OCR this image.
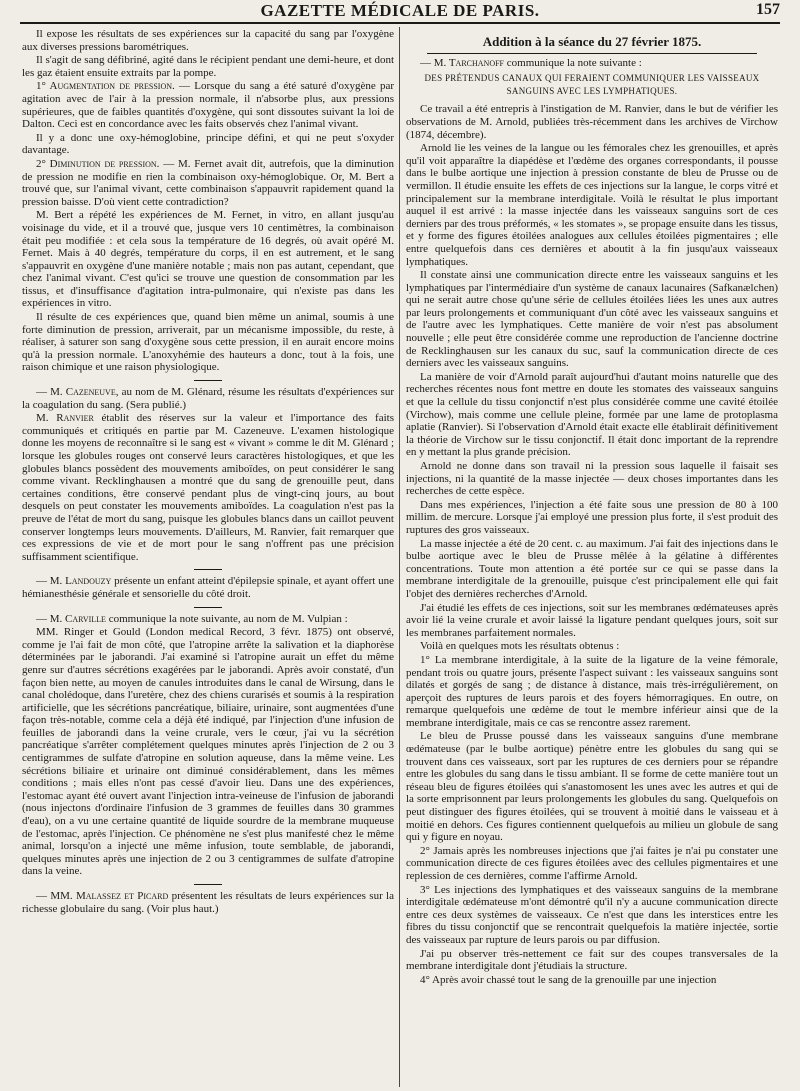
GAZETTE MÉDICALE DE PARIS.	157

Il expose les résultats de ses expériences sur la capacité du sang par l'oxygène aux diverses pressions barométriques.

Il s'agit de sang défibriné, agité dans le récipient pendant une demi-heure, et dont les gaz étaient ensuite extraits par la pompe.

1° Augmentation de pression. — Lorsque du sang a été saturé d'oxygène par agitation avec de l'air à la pression normale, il n'absorbe plus, aux pressions supérieures, que de faibles quantités d'oxygène, qui sont dissoutes suivant la loi de Dalton. Ceci est en concordance avec les faits observés chez l'animal vivant.

Il y a donc une oxy-hémoglobine, principe défini, et qui ne peut s'oxyder davantage.

2° Diminution de pression. — M. Fernet avait dit, autrefois, que la diminution de pression ne modifie en rien la combinaison oxy-hémoglobique. Or, M. Bert a trouvé que, sur l'animal vivant, cette combinaison s'appauvrit rapidement quand la pression baisse. D'où vient cette contradiction?

M. Bert a répété les expériences de M. Fernet, in vitro, en allant jusqu'au voisinage du vide, et il a trouvé que, jusque vers 10 centimètres, la combinaison était peu modifiée : et cela sous la température de 16 degrés, où avait opéré M. Fernet. Mais à 40 degrés, température du corps, il en est autrement, et le sang s'appauvrit en oxygène d'une manière notable ; mais non pas autant, cependant, que chez l'animal vivant. C'est qu'ici se trouve une question de consommation par les tissus, et d'insuffisance d'agitation intra-pulmonaire, qui n'existe pas dans les expériences in vitro.

Il résulte de ces expériences que, quand bien même un animal, soumis à une forte diminution de pression, arriverait, par un mécanisme impossible, du reste, à réaliser, à saturer son sang d'oxygène sous cette pression, il en aurait encore moins qu'à la pression normale. L'anoxyhémie des hauteurs a donc, tout à la fois, une raison chimique et une raison physiologique.

— M. Cazeneuve, au nom de M. Glénard, résume les résultats d'expériences sur la coagulation du sang. (Sera publié.)

M. Ranvier établit des réserves sur la valeur et l'importance des faits communiqués et critiqués en partie par M. Cazeneuve. L'examen histologique donne les moyens de reconnaître si le sang est « vivant » comme le dit M. Glénard ; lorsque les globules rouges ont conservé leurs caractères histologiques, et que les globules blancs possèdent des mouvements amiboïdes, on peut considérer le sang comme vivant. Recklinghausen a montré que du sang de grenouille peut, dans certaines conditions, être conservé pendant plus de vingt-cinq jours, au bout desquels on peut constater les mouvements amiboïdes. La coagulation n'est pas la preuve de l'état de mort du sang, puisque les globules blancs dans un caillot peuvent conserver longtemps leurs mouvements. D'ailleurs, M. Ranvier, fait remarquer que ces expressions de vie et de mort pour le sang n'offrent pas une précision suffisamment scientifique.

— M. Landouzy présente un enfant atteint d'épilepsie spinale, et ayant offert une hémianesthésie générale et sensorielle du côté droit.

— M. Carville communique la note suivante, au nom de M. Vulpian :

MM. Ringer et Gould (London medical Record, 3 févr. 1875) ont observé, comme je l'ai fait de mon côté, que l'atropine arrête la salivation et la diaphorèse déterminées par le jaborandi. J'ai examiné si l'atropine aurait un effet du même genre sur d'autres sécrétions exagérées par le jaborandi. Après avoir constaté, d'un façon bien nette, au moyen de canules introduites dans le canal de Wirsung, dans le canal cholédoque, dans l'uretère, chez des chiens curarisés et soumis à la respiration artificielle, que les sécrétions pancréatique, biliaire, urinaire, sont augmentées d'une façon très-notable, comme cela a déjà été indiqué, par l'injection d'une infusion de feuilles de jaborandi dans la veine crurale, vers le cœur, j'ai vu la sécrétion pancréatique s'arrêter complétement quelques minutes après l'injection de 2 ou 3 centigrammes de sulfate d'atropine en solution aqueuse, dans la même veine. Les sécrétions biliaire et urinaire ont diminué considérablement, dans les mêmes conditions ; mais elles n'ont pas cessé d'avoir lieu. Dans une des expériences, l'estomac ayant été ouvert avant l'injection intra-veineuse de l'infusion de jaborandi (nous injectons d'ordinaire l'infusion de 3 grammes de feuilles dans 30 grammes d'eau), on a vu une certaine quantité de liquide sourdre de la membrane muqueuse de l'estomac, après l'injection. Ce phénomène ne s'est plus manifesté chez le même animal, lorsqu'on a injecté une même infusion, toute semblable, de jaborandi, quelques minutes après une injection de 2 ou 3 centigrammes de sulfate d'atropine dans la veine.

— MM. Malassez et Picard présentent les résultats de leurs expériences sur la richesse globulaire du sang. (Voir plus haut.)

Addition à la séance du 27 février 1875.

— M. Tarchanoff communique la note suivante :

DES PRÉTENDUS CANAUX QUI FERAIENT COMMUNIQUER LES VAISSEAUX SANGUINS AVEC LES LYMPHATIQUES.

Ce travail a été entrepris à l'instigation de M. Ranvier, dans le but de vérifier les observations de M. Arnold, publiées très-récemment dans les archives de Virchow (1874, décembre).

Arnold lie les veines de la langue ou les fémorales chez les grenouilles, et après qu'il voit apparaître la diapédèse et l'œdème des organes correspondants, il pousse dans le bulbe aortique une injection à pression constante de bleu de Prusse ou de vermillon. Il étudie ensuite les effets de ces injections sur la langue, le corps vitré et principalement sur la membrane interdigitale. Voilà le résultat le plus important auquel il est arrivé : la masse injectée dans les vaisseaux sanguins sort de ces derniers par des trous préformés, « les stomates », se propage ensuite dans les tissus, et y forme des figures étoilées analogues aux cellules étoilées pigmentaires ; elle entre quelquefois dans ces dernières et aboutit à la fin jusqu'aux vaisseaux lymphatiques.

Il constate ainsi une communication directe entre les vaisseaux sanguins et les lymphatiques par l'intermédiaire d'un système de canaux lacunaires (Safkanælchen) qui ne serait autre chose qu'une série de cellules étoilées liées les unes aux autres par leurs prolongements et communiquant d'un côté avec les vaisseaux sanguins et de l'autre avec les lymphatiques. Cette manière de voir n'est pas absolument nouvelle ; elle peut être considérée comme une reproduction de l'ancienne doctrine de Recklinghausen sur les canaux du suc, sauf la communication directe de ces derniers avec les vaisseaux sanguins.

La manière de voir d'Arnold paraît aujourd'hui d'autant moins naturelle que des recherches récentes nous font mettre en doute les stomates des vaisseaux sanguins et que la cellule du tissu conjonctif n'est plus considérée comme une cavité étoilée (Virchow), mais comme une cellule pleine, formée par une lame de protoplasma aplatie (Ranvier). Si l'observation d'Arnold était exacte elle établirait définitivement la théorie de Virchow sur le tissu conjonctif. Il était donc important de la reprendre en y mettant la plus grande précision.

Arnold ne donne dans son travail ni la pression sous laquelle il faisait ses injections, ni la quantité de la masse injectée — deux choses importantes dans les recherches de cette espèce.

Dans mes expériences, l'injection a été faite sous une pression de 80 à 100 millim. de mercure. Lorsque j'ai employé une pression plus forte, il s'est produit des ruptures des gros vaisseaux.

La masse injectée a été de 20 cent. c. au maximum. J'ai fait des injections dans le bulbe aortique avec le bleu de Prusse mêlée à la gélatine à différentes concentrations. Toute mon attention a été portée sur ce qui se passe dans la membrane interdigitale de la grenouille, puisque c'est principalement elle qui fait l'objet des dernières recherches d'Arnold.

J'ai étudié les effets de ces injections, soit sur les membranes œdémateuses après avoir lié la veine crurale et avoir laissé la ligature pendant quelques jours, soit sur les membranes parfaitement normales.

Voilà en quelques mots les résultats obtenus :

1° La membrane interdigitale, à la suite de la ligature de la veine fémorale, pendant trois ou quatre jours, présente l'aspect suivant : les vaisseaux sanguins sont dilatés et gorgés de sang ; de distance à distance, mais très-irrégulièrement, on aperçoit des ruptures de leurs parois et des foyers hémorragiques. En outre, on remarque quelquefois une œdème de tout le membre inférieur ainsi que de la membrane interdigitale, mais ce cas se rencontre assez rarement.

Le bleu de Prusse poussé dans les vaisseaux sanguins d'une membrane œdémateuse (par le bulbe aortique) pénètre entre les globules du sang qui se trouvent dans ces vaisseaux, sort par les ruptures de ces derniers pour se répandre entre les globules du sang dans le tissu ambiant. Il se forme de cette manière tout un réseau bleu de figures étoilées qui s'anastomosent les unes avec les autres et qui de la sorte emprisonnent par leurs prolongements les globules du sang. Quelquefois on peut distinguer des figures étoilées, qui se trouvent à moitié dans le vaisseau et à moitié en dehors. Ces figures contiennent quelquefois au milieu un globule de sang qui y figure en noyau.

2° Jamais après les nombreuses injections que j'ai faites je n'ai pu constater une communication directe de ces figures étoilées avec des cellules pigmentaires et une replession de ces dernières, comme l'affirme Arnold.

3° Les injections des lymphatiques et des vaisseaux sanguins de la membrane interdigitale œdémateuse m'ont démontré qu'il n'y a aucune communication directe entre ces deux systèmes de vaisseaux. Ce n'est que dans les interstices entre les fibres du tissu conjonctif que se rencontrait quelquefois la matière injectée, sortie des vaisseaux par rupture de leurs parois ou par diffusion.

J'ai pu observer très-nettement ce fait sur des coupes transversales de la membrane interdigitale dont j'étudiais la structure.

4° Après avoir chassé tout le sang de la grenouille par une injection
